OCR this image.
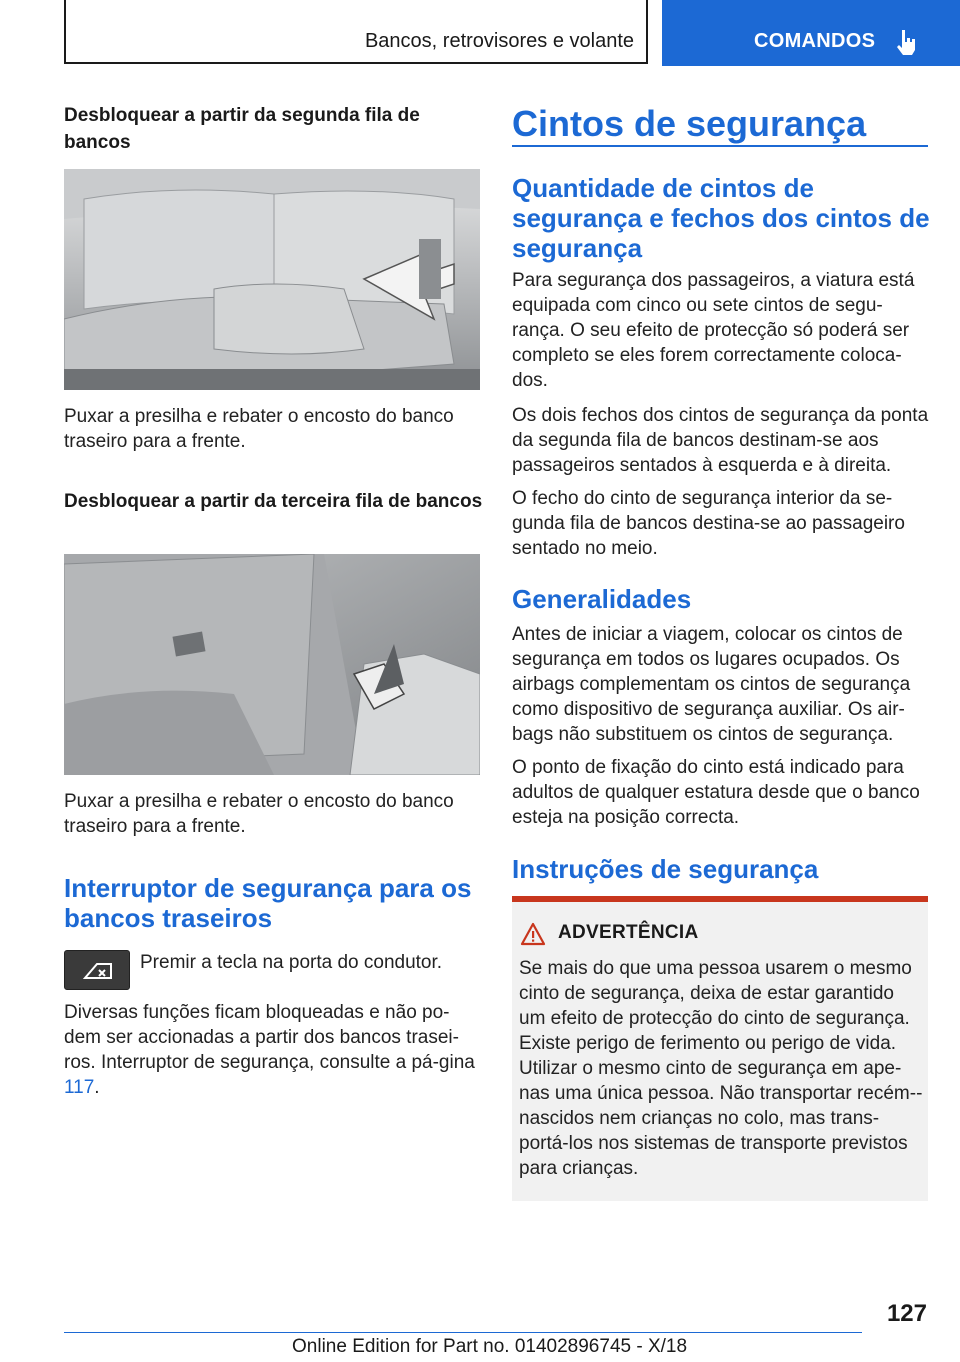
Bancos, retrovisores e volante	COMANDOS
Desbloquear a partir da segunda fila de bancos
Puxar a presilha e rebater o encosto do banco traseiro para a frente.
Desbloquear a partir da terceira fila de bancos
Puxar a presilha e rebater o encosto do banco traseiro para a frente.
Interruptor de segurança para os bancos traseiros
Premir a tecla na porta do condutor.

Diversas funções ficam bloqueadas e não po-dem ser accionadas a partir dos bancos trasei-ros. Interruptor de segurança, consulte a pá-gina 117.

Cintos de segurança
Quantidade de cintos de segurança e fechos dos cintos de segurança
Para segurança dos passageiros, a viatura está equipada com cinco ou sete cintos de segu-rança. O seu efeito de protecção só poderá ser completo se eles forem correctamente coloca-dos.
Os dois fechos dos cintos de segurança da ponta da segunda fila de bancos destinam-se aos passageiros sentados à esquerda e à direita.
O fecho do cinto de segurança interior da se-gunda fila de bancos destina-se ao passageiro sentado no meio.
Generalidades
Antes de iniciar a viagem, colocar os cintos de segurança em todos os lugares ocupados. Os airbags complementam os cintos de segurança como dispositivo de segurança auxiliar. Os air-bags não substituem os cintos de segurança.
O ponto de fixação do cinto está indicado para adultos de qualquer estatura desde que o banco esteja na posição correcta.
Instruções de segurança
ADVERTÊNCIA
Se mais do que uma pessoa usarem o mesmo cinto de segurança, deixa de estar garantido um efeito de protecção do cinto de segurança. Existe perigo de ferimento ou perigo de vida. Utilizar o mesmo cinto de segurança em ape-nas uma única pessoa. Não transportar recém--nascidos nem crianças no colo, mas trans-portá-los nos sistemas de transporte previstos para crianças.
127
Online Edition for Part no. 01402896745 - X/18
